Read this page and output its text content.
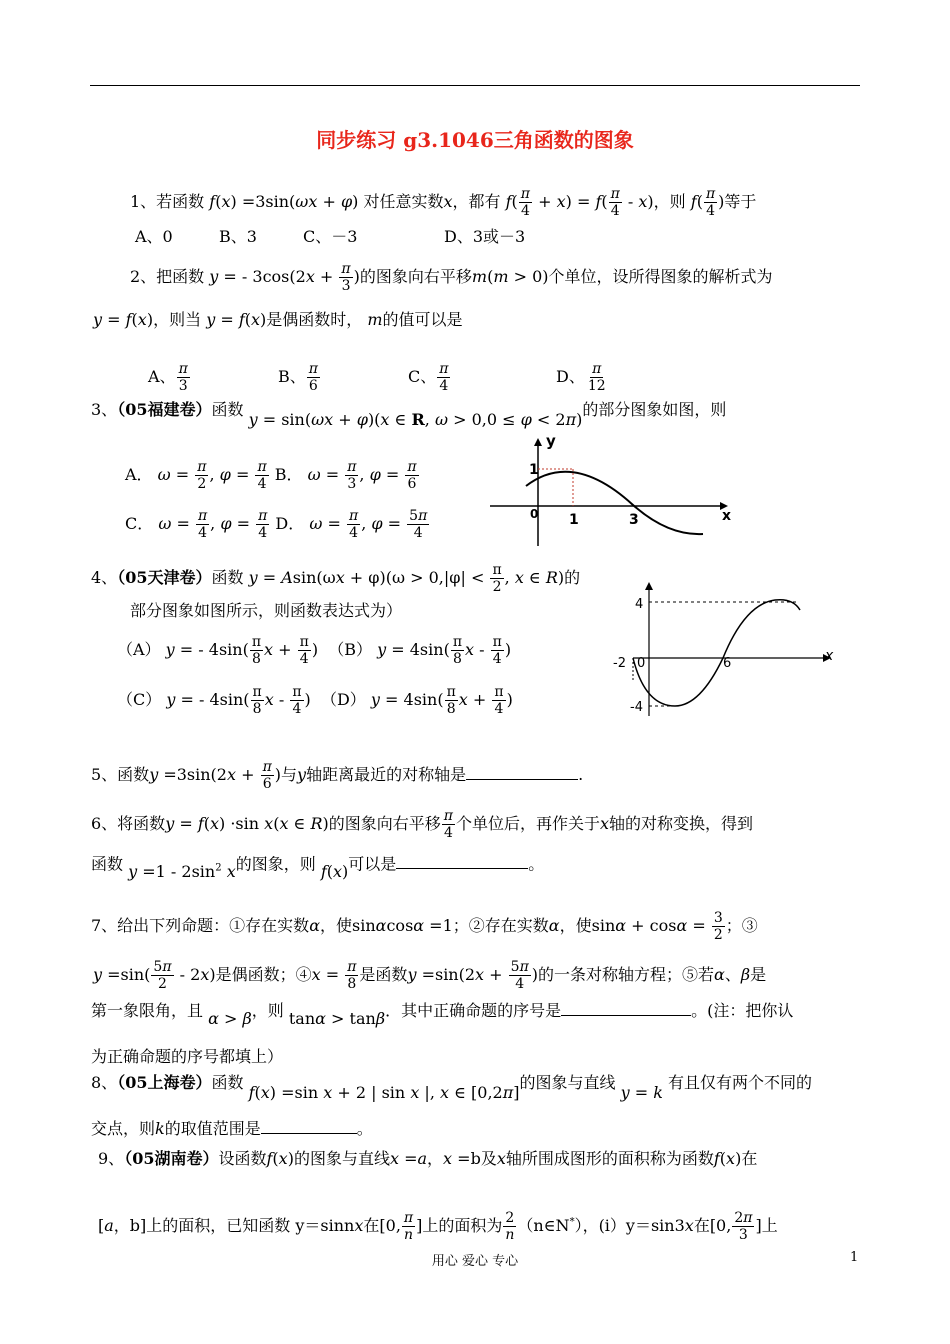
同步练习 g3.1046三角函数的图象
1、若函数 f(x) =3sin(ωx + φ) 对任意实数x，都有 $f( \frac{\pi}{4} + x) = f( \frac{\pi}{4} - x)$，则 $f( \frac{\pi}{4}$ )等于
A、0	B、3	C、－3	D、3或－3
2、把函数 y = - $3\cos(2x + \frac{\pi}{3}$ )的图象向右平移m(m > 0)个单位，设所得图象的解析式为
y = f(x)，则当 y = f(x)是偶函数时， m的值可以是
A、 $\frac{\pi}{3}$	B、 $\frac{\pi}{6}$	C、 $\frac{\pi}{4}$	D、 $\frac{\pi}{12}$
3、（05福建卷）函数 y = sin(ωx + φ)(x ∈ R, ω > 0,0 ≤ φ < 2π)的部分图象如图，则
A． $\omega = \frac{\pi}{2}$ , $\varphi = \frac{\pi}{4}$ B． $\omega = \frac{\pi}{3}$ , $\varphi = \frac{\pi}{6}$
C． $\omega = \frac{\pi}{4}$ , $\varphi = \frac{\pi}{4}$ D． $\omega = \frac{\pi}{4}$ , $\varphi = \frac{5\pi}{4}$
y
x
1
0 1	3
4、（05天津卷）函数 $y = Asin(\omega x + \varphi)(\omega > 0,|\varphi| < \frac{\pi}{2}$ , x ∈ R)的
部分图象如图所示，则函数表达式为）
（A） y = - $4\sin( \frac{\pi}{8}$ $x + \frac{\pi}{4}$ )  （B） $y = 4\sin( \frac{\pi}{8}$ x - $\frac{\pi}{4}$ )
（C） y = - $4\sin( \frac{\pi}{8}$ x - $\frac{\pi}{4}$ )  （D） $y = 4\sin( \frac{\pi}{8}$ $x + \frac{\pi}{4}$ )
4
-4
-2 0	6	x
5、函数$y =3\sin(2x + \frac{\pi}{6}$ )与y轴距离最近的对称轴是	.
6、将函数y = f(x) ·sin x(x ∈ R)的图象向右平移 $\frac{\pi}{4}$ 个单位后，再作关于x轴的对称变换，得到
函数 $y =1 - 2\sin^2$ x的图象，则 f(x)可以是	。
7、给出下列命题：①存在实数α，使sinαcosα =1；②存在实数α，使$\sin\alpha + \cos\alpha = \frac{3}{2}$ ；③
$y =\sin( \frac{5\pi}{2} - 2x)$是偶函数；④x = $\frac{\pi}{8}$ 是函数$y =\sin(2x + \frac{5\pi}{4}$ )的一条对称轴方程；⑤若α、β是
第一象限角，且 α > β，则 tanα > tanβ．其中正确命题的序号是	。(注：把你认
为正确命题的序号都填上）
8、（05上海卷）函数 f(x) =sin x + 2 | sin x |, x ∈ [0,2π]的图象与直线 y = k 有且仅有两个不同的
交点，则k的取值范围是	。
9、（05湖南卷）设函数f(x)的图象与直线x =a，x =b及x轴所围成图形的面积称为函数f(x)在
[a，b]上的面积，已知函数 y＝sinnx在[0, $\frac{\pi}{n}$ ]上的面积为 $\frac{2}{n}$ （n∈N*），(i）y＝sin3x在[0, $\frac{2\pi}{3}$ ]上
用心 爱心 专心	1
